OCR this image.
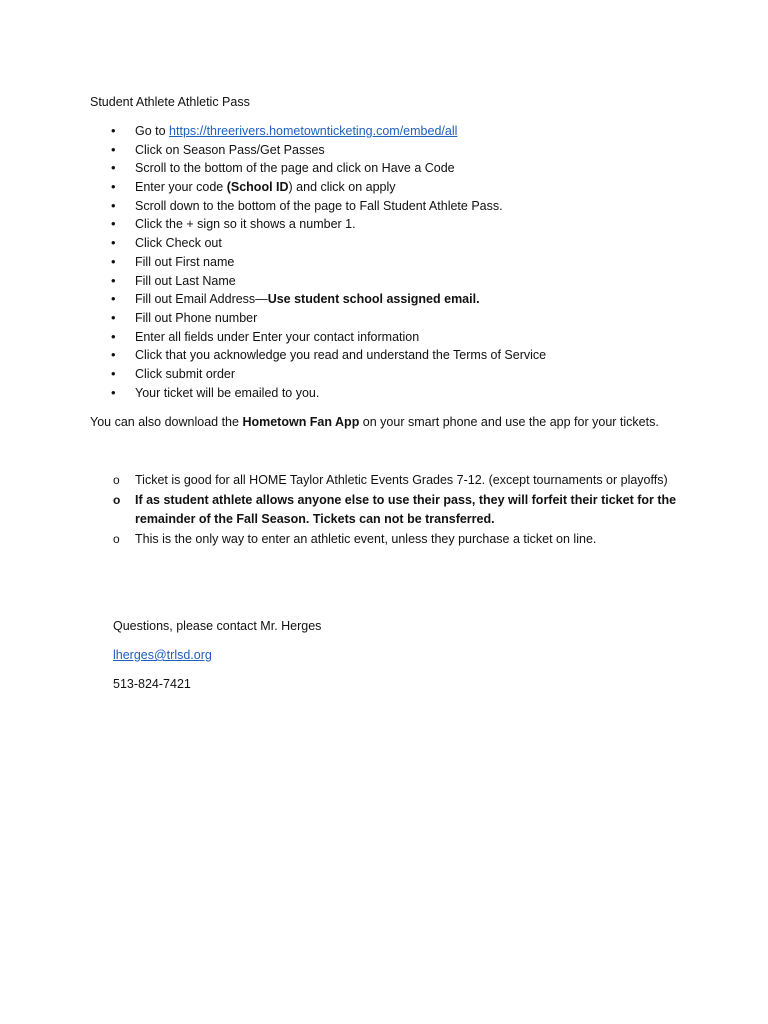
Student Athlete Athletic Pass
• Go to https://threerivers.hometownticketing.com/embed/all
• Click on Season Pass/Get Passes
• Scroll to the bottom of the page and click on Have a Code
• Enter your code (School ID) and click on apply
• Scroll down to the bottom of the page to Fall Student Athlete Pass.
• Click the + sign so it shows a number 1.
• Click Check out
• Fill out First name
• Fill out Last Name
• Fill out Email Address—Use student school assigned email.
• Fill out Phone number
• Enter all fields under Enter your contact information
• Click that you acknowledge you read and understand the Terms of Service
• Click submit order
• Your ticket will be emailed to you.
You can also download the Hometown Fan App on your smart phone and use the app for your tickets.
o Ticket is good for all HOME Taylor Athletic Events Grades 7-12. (except tournaments or playoffs)
o If as student athlete allows anyone else to use their pass, they will forfeit their ticket for the remainder of the Fall Season. Tickets can not be transferred.
o This is the only way to enter an athletic event, unless they purchase a ticket on line.
Questions, please contact Mr. Herges
lherges@trlsd.org
513-824-7421
